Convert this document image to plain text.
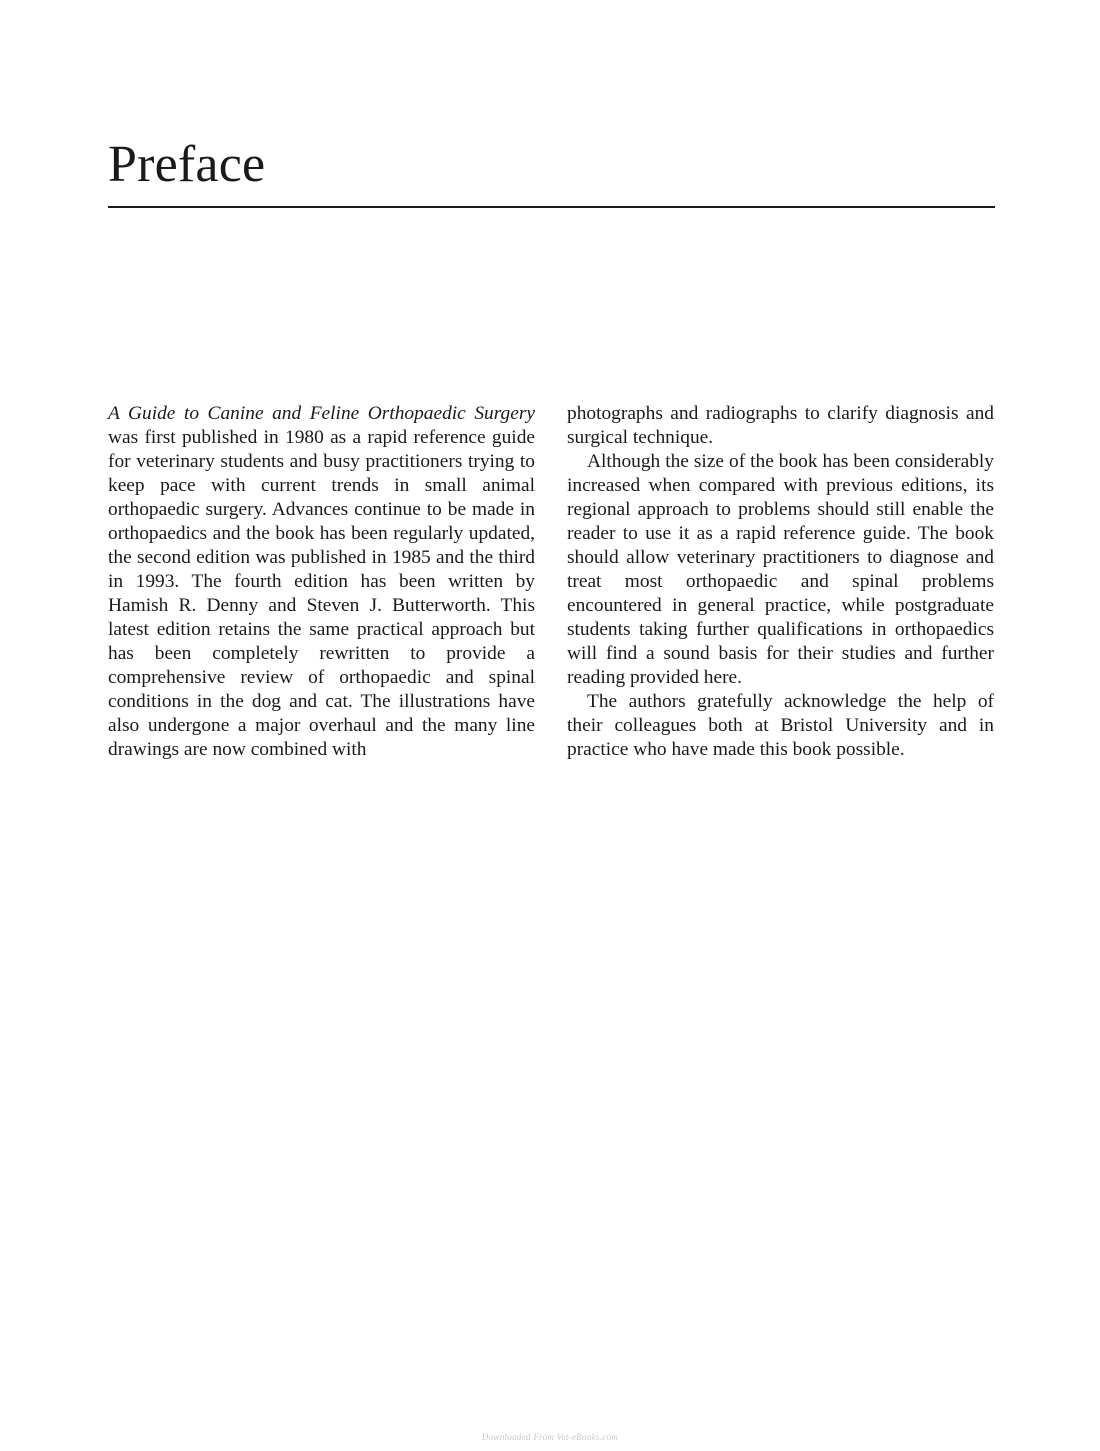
Preface

A Guide to Canine and Feline Orthopaedic Surgery was first published in 1980 as a rapid reference guide for veterinary students and busy practitioners trying to keep pace with current trends in small animal orthopaedic surgery. Advances continue to be made in orthopaedics and the book has been regularly updated, the second edition was published in 1985 and the third in 1993. The fourth edition has been written by Hamish R. Denny and Steven J. Butterworth. This latest edition retains the same practical approach but has been completely rewritten to provide a comprehensive review of orthopaedic and spinal conditions in the dog and cat. The illustrations have also undergone a major overhaul and the many line drawings are now combined with

photographs and radiographs to clarify diagnosis and surgical technique.

Although the size of the book has been considerably increased when compared with previous editions, its regional approach to problems should still enable the reader to use it as a rapid reference guide. The book should allow veterinary practitioners to diagnose and treat most orthopaedic and spinal problems encountered in general practice, while postgraduate students taking further qualifications in orthopaedics will find a sound basis for their studies and further reading provided here.

The authors gratefully acknowledge the help of their colleagues both at Bristol University and in practice who have made this book possible.

Downloaded From Vet-eBooks.com
